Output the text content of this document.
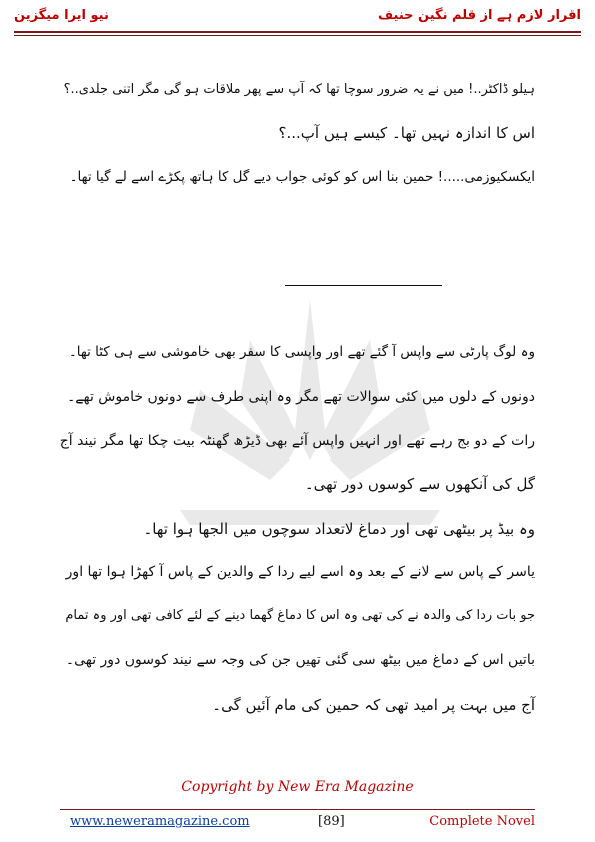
نیو ایرا میگزین	اقرار لازم ہے از قلم نگین حنیف
ہیلو ڈاکٹر..! میں نے یہ ضرور سوچا تھا کہ آپ سے پھر ملاقات ہو گی مگر اتنی جلدی..؟
اس کا اندازہ نہیں تھا۔ کیسے ہیں آپ...؟
ایکسکیوزمی.....! حمین بنا اس کو کوئی جواب دیے گل کا ہاتھ پکڑے اسے لے گیا تھا۔
وہ لوگ پارٹی سے واپس آ گئے تھے اور واپسی کا سفر بھی خاموشی سے ہی کٹا تھا۔
دونوں کے دلوں میں کئی سوالات تھے مگر وہ اپنی طرف سے دونوں خاموش تھے۔
رات کے دو بج رہے تھے اور انہیں واپس آئے بھی ڈیڑھ گھنٹہ بیت چکا تھا مگر نیند آج
گل کی آنکھوں سے کوسوں دور تھی۔
وہ بیڈ پر بیٹھی تھی اور دماغ لاتعداد سوچوں میں الجھا ہوا تھا۔
یاسر کے پاس سے لانے کے بعد وہ اسے لیے ردا کے والدین کے پاس آ کھڑا ہوا تھا اور
جو بات ردا کی والدہ نے کی تھی وہ اس کا دماغ گھما دینے کے لئے کافی تھی اور وہ تمام
باتیں اس کے دماغ میں بیٹھ سی گئی تھیں جن کی وجہ سے نیند کوسوں دور تھی۔
آج میں بہت پر امید تھی کہ حمین کی مام آئیں گی۔
Copyright by New Era Magazine
www.neweramagazine.com	[89]	Complete Novel
